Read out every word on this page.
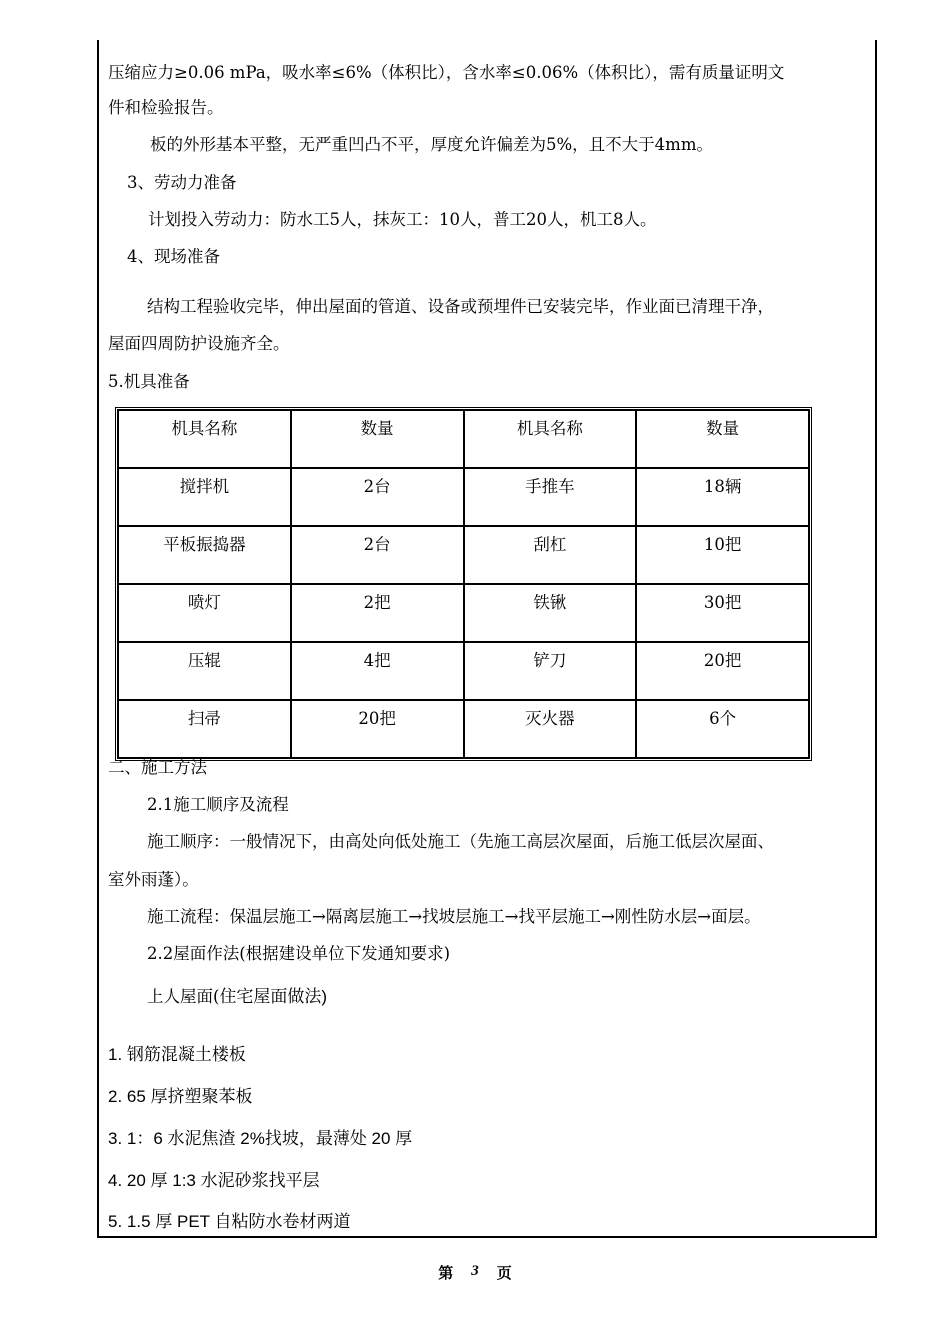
压缩应力≥0.06 mPa，吸水率≤6%（体积比），含水率≤0.06%（体积比），需有质量证明文
件和检验报告。
板的外形基本平整，无严重凹凸不平，厚度允许偏差为5%，且不大于4mm。
3、劳动力准备
计划投入劳动力：防水工5人，抹灰工：10人，普工20人，机工8人。
4、现场准备
结构工程验收完毕，伸出屋面的管道、设备或预埋件已安装完毕，作业面已清理干净，
屋面四周防护设施齐全。
5.机具准备
机具名称	数量	机具名称	数量
搅拌机	2台	手推车	18辆
平板振捣器	2台	刮杠	10把
喷灯	2把	铁锹	30把
压辊	4把	铲刀	20把
扫帚	20把	灭火器	6个
二、施工方法
2.1施工顺序及流程
施工顺序：一般情况下，由高处向低处施工（先施工高层次屋面，后施工低层次屋面、
室外雨蓬）。
施工流程：保温层施工→隔离层施工→找坡层施工→找平层施工→刚性防水层→面层。
2.2屋面作法(根据建设单位下发通知要求)
上人屋面(住宅屋面做法)
1. 钢筋混凝土楼板
2. 65 厚挤塑聚苯板
3. 1：6 水泥焦渣 2%找坡，最薄处 20 厚
4. 20 厚 1:3 水泥砂浆找平层
5. 1.5 厚 PET 自粘防水卷材两道
第 3 页
